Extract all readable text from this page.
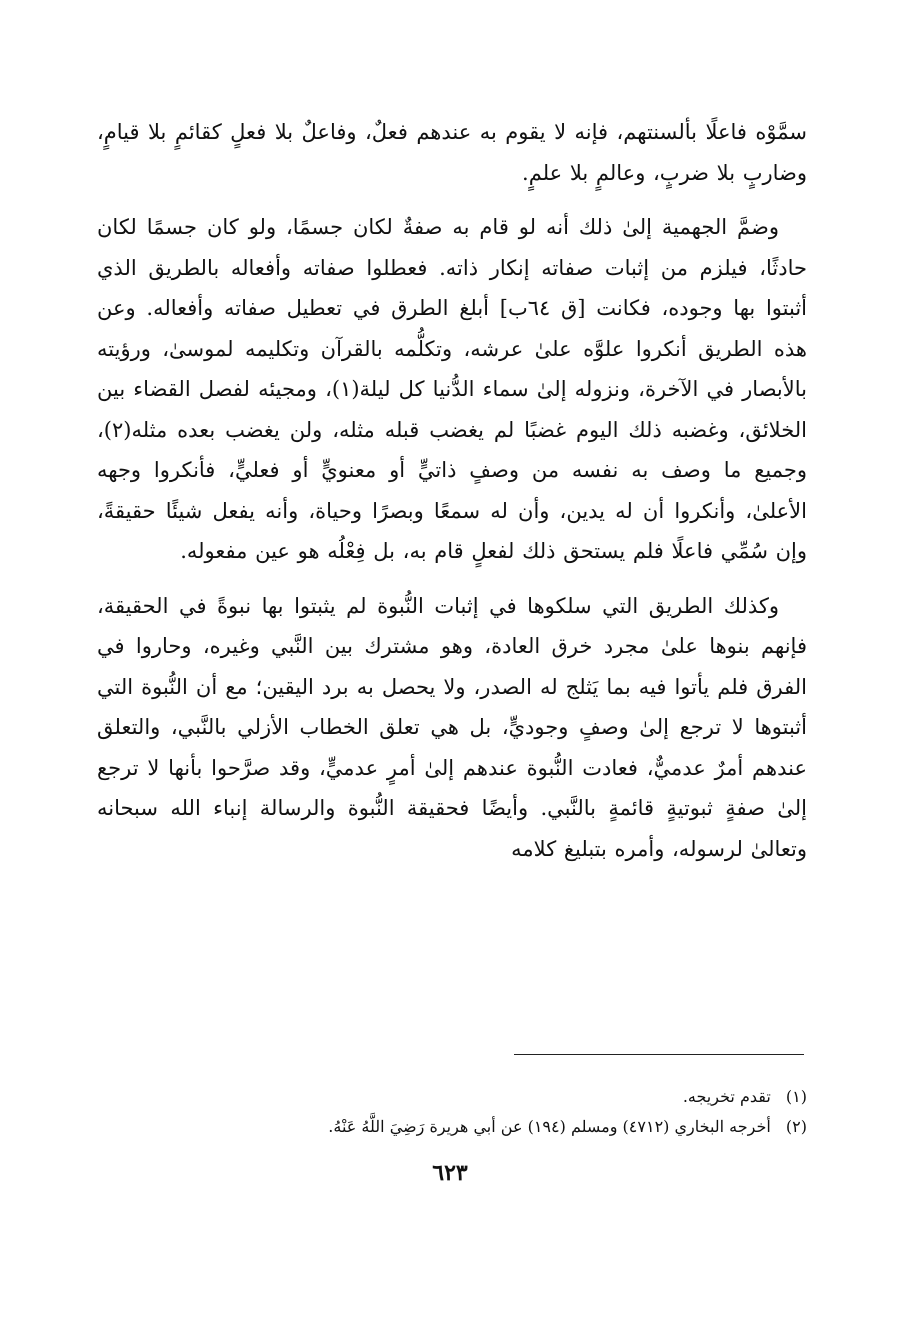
سمَّوْه فاعلًا بألسنتهم، فإنه لا يقوم به عندهم فعلٌ، وفاعلٌ بلا فعلٍ كقائمٍ بلا قيامٍ، وضاربٍ بلا ضربٍ، وعالمٍ بلا علمٍ.

وضمَّ الجهمية إلىٰ ذلك أنه لو قام به صفةٌ لكان جسمًا، ولو كان جسمًا لكان حادثًا، فيلزم من إثبات صفاته إنكار ذاته. فعطلوا صفاته وأفعاله بالطريق الذي أثبتوا بها وجوده، فكانت [ق ٦٤ب] أبلغ الطرق في تعطيل صفاته وأفعاله. وعن هذه الطريق أنكروا علوَّه علىٰ عرشه، وتكلُّمه بالقرآن وتكليمه لموسىٰ، ورؤيته بالأبصار في الآخرة، ونزوله إلىٰ سماء الدُّنيا كل ليلة(١)، ومجيئه لفصل القضاء بين الخلائق، وغضبه ذلك اليوم غضبًا لم يغضب قبله مثله، ولن يغضب بعده مثله(٢)، وجميع ما وصف به نفسه من وصفٍ ذاتيٍّ أو معنويٍّ أو فعليٍّ، فأنكروا وجهه الأعلىٰ، وأنكروا أن له يدين، وأن له سمعًا وبصرًا وحياة، وأنه يفعل شيئًا حقيقةً، وإن سُمِّي فاعلًا فلم يستحق ذلك لفعلٍ قام به، بل فِعْلُه هو عين مفعوله.

وكذلك الطريق التي سلكوها في إثبات النُّبوة لم يثبتوا بها نبوةً في الحقيقة، فإنهم بنوها علىٰ مجرد خرق العادة، وهو مشترك بين النَّبي وغيره، وحاروا في الفرق فلم يأتوا فيه بما يَثلج له الصدر، ولا يحصل به برد اليقين؛ مع أن النُّبوة التي أثبتوها لا ترجع إلىٰ وصفٍ وجوديٍّ، بل هي تعلق الخطاب الأزلي بالنَّبي، والتعلق عندهم أمرٌ عدميٌّ، فعادت النُّبوة عندهم إلىٰ أمرٍ عدميٍّ، وقد صرَّحوا بأنها لا ترجع إلىٰ صفةٍ ثبوتيةٍ قائمةٍ بالنَّبي. وأيضًا فحقيقة النُّبوة والرسالة إنباء الله سبحانه وتعالىٰ لرسوله، وأمره بتبليغ كلامه

(١) تقدم تخريجه.

(٢) أخرجه البخاري (٤٧١٢) ومسلم (١٩٤) عن أبي هريرة رَضِيَ اللَّهُ عَنْهُ.

٦٢٣
